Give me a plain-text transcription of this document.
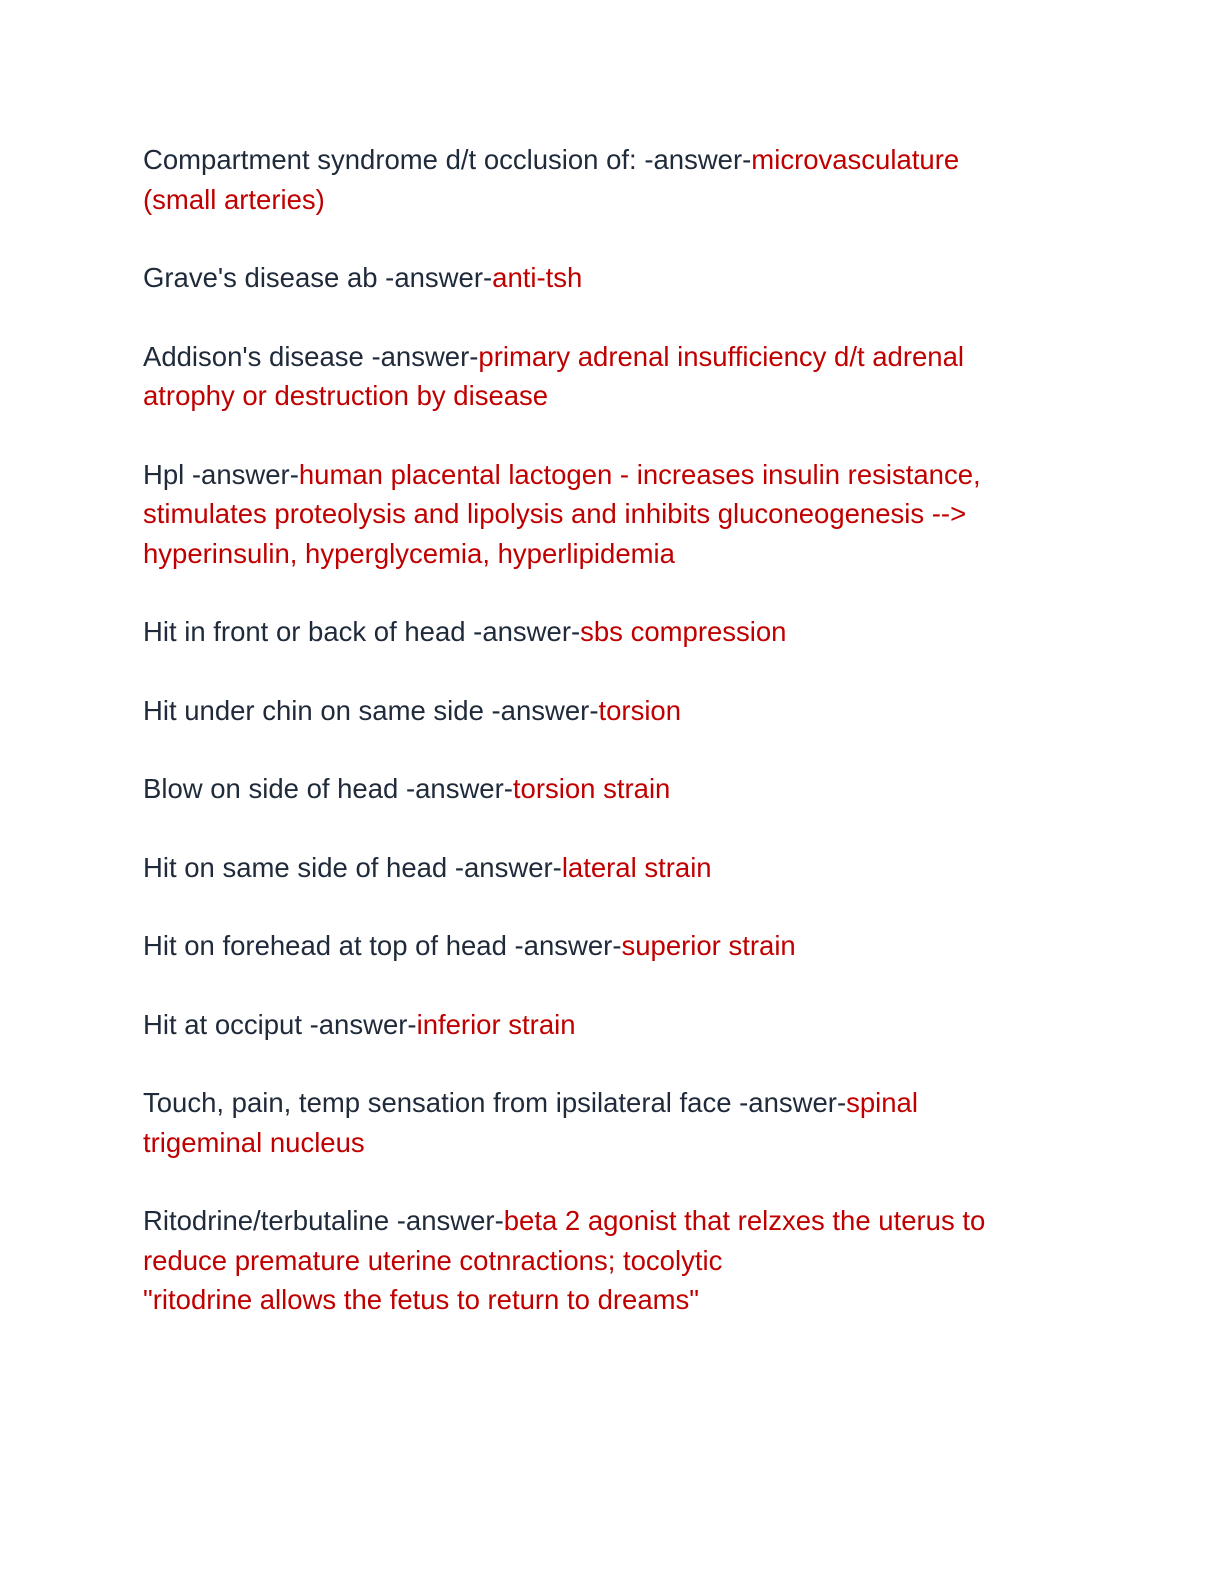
Compartment syndrome d/t occlusion of: -answer-microvasculature
(small arteries)
Grave's disease ab -answer-anti-tsh
Addison's disease -answer-primary adrenal insufficiency d/t adrenal
atrophy or destruction by disease
Hpl -answer-human placental lactogen - increases insulin resistance,
stimulates proteolysis and lipolysis and inhibits gluconeogenesis -->
hyperinsulin, hyperglycemia, hyperlipidemia
Hit in front or back of head -answer-sbs compression
Hit under chin on same side -answer-torsion
Blow on side of head -answer-torsion strain
Hit on same side of head -answer-lateral strain
Hit on forehead at top of head -answer-superior strain
Hit at occiput -answer-inferior strain
Touch, pain, temp sensation from ipsilateral face -answer-spinal
trigeminal nucleus
Ritodrine/terbutaline -answer-beta 2 agonist that relzxes the uterus to
reduce premature uterine cotnractions; tocolytic
"ritodrine allows the fetus to return to dreams"
